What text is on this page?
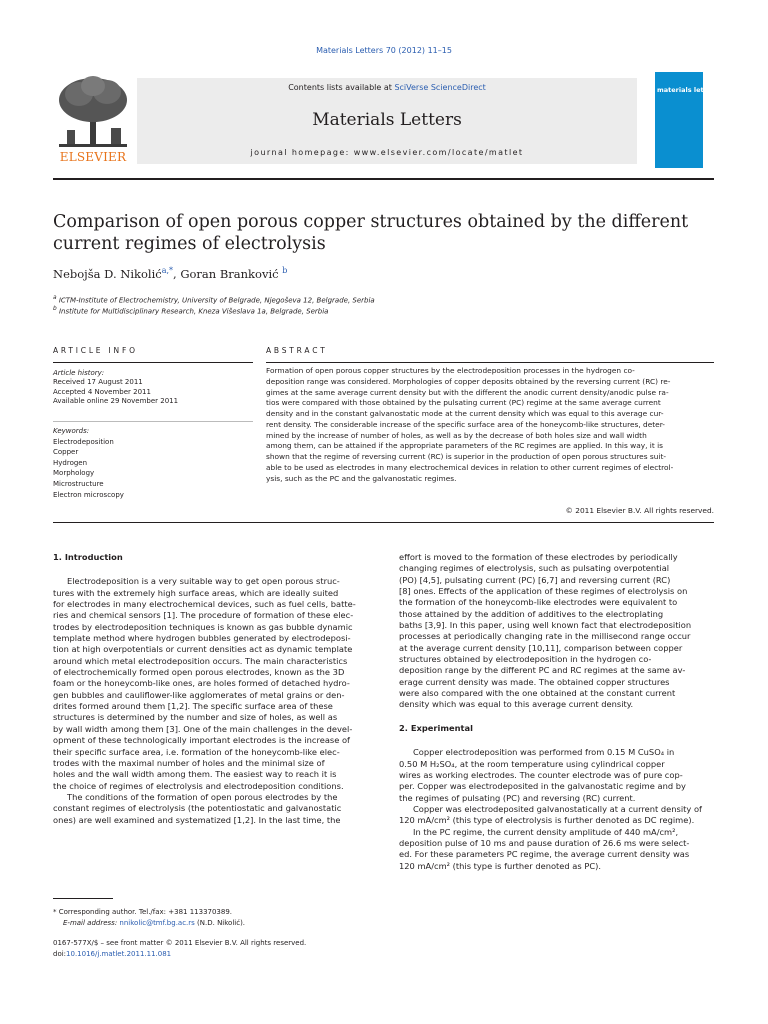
Materials Letters 70 (2012) 11–15
ELSEVIER
Contents lists available at SciVerse ScienceDirect
Materials Letters
journal homepage: www.elsevier.com/locate/matlet
materials letters
Comparison of open porous copper structures obtained by the different current regimes of electrolysis
Nebojša D. Nikolić$^{a,*}$, Goran Branković $^b$
$^a$ ICTM-Institute of Electrochemistry, University of Belgrade, Njegoševa 12, Belgrade, Serbia
$^b$ Institute for Multidisciplinary Research, Kneza Višeslava 1a, Belgrade, Serbia
ARTICLE INFO	ABSTRACT
Article history:
Received 17 August 2011
Accepted 4 November 2011
Available online 29 November 2011
Keywords:
Electrodeposition
Copper
Hydrogen
Morphology
Microstructure
Electron microscopy
Formation of open porous copper structures by the electrodeposition processes in the hydrogen co-
deposition range was considered. Morphologies of copper deposits obtained by the reversing current (RC) re-
gimes at the same average current density but with the different the anodic current density/anodic pulse ra-
tios were compared with those obtained by the pulsating current (PC) regime at the same average current
density and in the constant galvanostatic mode at the current density which was equal to this average cur-
rent density. The considerable increase of the specific surface area of the honeycomb-like structures, deter-
mined by the increase of number of holes, as well as by the decrease of both holes size and wall width
among them, can be attained if the appropriate parameters of the RC regimes are applied. In this way, it is
shown that the regime of reversing current (RC) is superior in the production of open porous structures suit-
able to be used as electrodes in many electrochemical devices in relation to other current regimes of electrol-
ysis, such as the PC and the galvanostatic regimes.
© 2011 Elsevier B.V. All rights reserved.
1. Introduction
Electrodeposition is a very suitable way to get open porous struc-
tures with the extremely high surface areas, which are ideally suited
for electrodes in many electrochemical devices, such as fuel cells, batte-
ries and chemical sensors [1]. The procedure of formation of these elec-
trodes by electrodeposition techniques is known as gas bubble dynamic
template method where hydrogen bubbles generated by electrodeposi-
tion at high overpotentials or current densities act as dynamic template
around which metal electrodeposition occurs. The main characteristics
of electrochemically formed open porous electrodes, known as the 3D
foam or the honeycomb-like ones, are holes formed of detached hydro-
gen bubbles and cauliflower-like agglomerates of metal grains or den-
drites formed around them [1,2]. The specific surface area of these
structures is determined by the number and size of holes, as well as
by wall width among them [3]. One of the main challenges in the devel-
opment of these technologically important electrodes is the increase of
their specific surface area, i.e. formation of the honeycomb-like elec-
trodes with the maximal number of holes and the minimal size of
holes and the wall width among them. The easiest way to reach it is
the choice of regimes of electrolysis and electrodeposition conditions.
The conditions of the formation of open porous electrodes by the
constant regimes of electrolysis (the potentiostatic and galvanostatic
ones) are well examined and systematized [1,2]. In the last time, the
effort is moved to the formation of these electrodes by periodically
changing regimes of electrolysis, such as pulsating overpotential
(PO) [4,5], pulsating current (PC) [6,7] and reversing current (RC)
[8] ones. Effects of the application of these regimes of electrolysis on
the formation of the honeycomb-like electrodes were equivalent to
those attained by the addition of additives to the electroplating
baths [3,9]. In this paper, using well known fact that electrodeposition
processes at periodically changing rate in the millisecond range occur
at the average current density [10,11], comparison between copper
structures obtained by electrodeposition in the hydrogen co-
deposition range by the different PC and RC regimes at the same av-
erage current density was made. The obtained copper structures
were also compared with the one obtained at the constant current
density which was equal to this average current density.
2. Experimental
Copper electrodeposition was performed from 0.15 M CuSO₄ in
0.50 M H₂SO₄, at the room temperature using cylindrical copper
wires as working electrodes. The counter electrode was of pure cop-
per. Copper was electrodeposited in the galvanostatic regime and by
the regimes of pulsating (PC) and reversing (RC) current.
Copper was electrodeposited galvanostatically at a current density of
120 mA/cm² (this type of electrolysis is further denoted as DC regime).
In the PC regime, the current density amplitude of 440 mA/cm²,
deposition pulse of 10 ms and pause duration of 26.6 ms were select-
ed. For these parameters PC regime, the average current density was
120 mA/cm² (this type is further denoted as PC).
* Corresponding author. Tel./fax: +381 113370389.
E-mail address: nnikolic@tmf.bg.ac.rs (N.D. Nikolić).
0167-577X/$ – see front matter © 2011 Elsevier B.V. All rights reserved.
doi:10.1016/j.matlet.2011.11.081
